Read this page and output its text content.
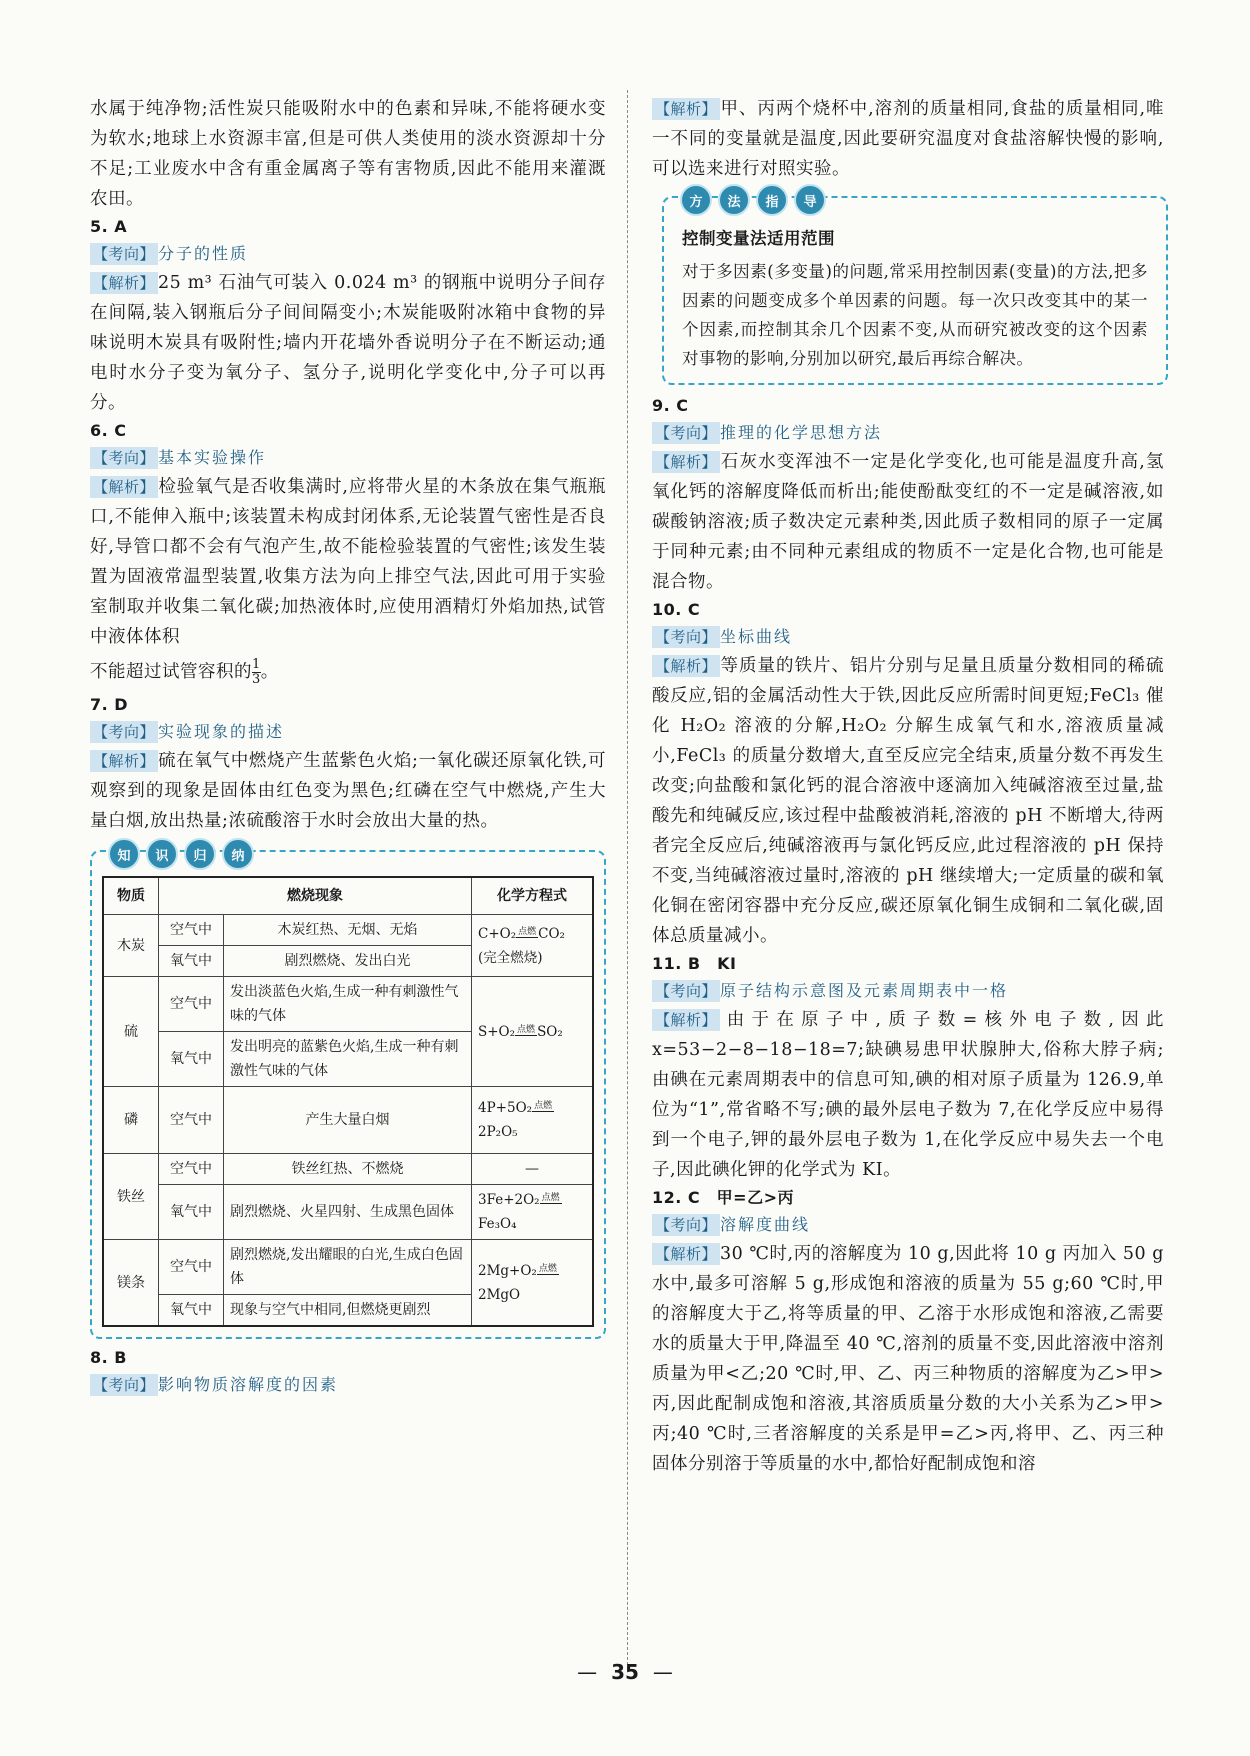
水属于纯净物;活性炭只能吸附水中的色素和异味,不能将硬水变为软水;地球上水资源丰富,但是可供人类使用的淡水资源却十分不足;工业废水中含有重金属离子等有害物质,因此不能用来灌溉农田。

5. A

【考向】 分子的性质

【解析】 25 m³ 石油气可装入 0.024 m³ 的钢瓶中说明分子间存在间隔,装入钢瓶后分子间间隔变小;木炭能吸附冰箱中食物的异味说明木炭具有吸附性;墙内开花墙外香说明分子在不断运动;通电时水分子变为氧分子、氢分子,说明化学变化中,分子可以再分。

6. C

【考向】 基本实验操作

【解析】 检验氧气是否收集满时,应将带火星的木条放在集气瓶瓶口,不能伸入瓶中;该装置未构成封闭体系,无论装置气密性是否良好,导管口都不会有气泡产生,故不能检验装置的气密性;该发生装置为固液常温型装置,收集方法为向上排空气法,因此可用于实验室制取并收集二氧化碳;加热液体时,应使用酒精灯外焰加热,试管中液体体积

不能超过试管容积的 $\frac{1}{3}$ 。

7. D

【考向】 实验现象的描述

【解析】 硫在氧气中燃烧产生蓝紫色火焰;一氧化碳还原氧化铁,可观察到的现象是固体由红色变为黑色;红磷在空气中燃烧,产生大量白烟,放出热量;浓硫酸溶于水时会放出大量的热。

知	识	归	纳
物质	燃烧现象		化学方程式
木炭	空气中	木炭红热、无烟、无焰	C+O₂ 点燃 CO₂
(完全燃烧)
	氧气中	剧烈燃烧、发出白光	
硫	空气中	发出淡蓝色火焰,生成一种有刺激性气味的气体	S+O₂ 点燃 SO₂
	氧气中	发出明亮的蓝紫色火焰,生成一种有刺激性气味的气体	
磷	空气中	产生大量白烟	4P+5O₂ 点燃
2P₂O₅
铁丝	空气中	铁丝红热、不燃烧	—
	氧气中	剧烈燃烧、火星四射、生成黑色固体	3Fe+2O₂ 点燃
Fe₃O₄
镁条	空气中	剧烈燃烧,发出耀眼的白光,生成白色固体	2Mg+O₂ 点燃
2MgO
	氧气中	现象与空气中相同,但燃烧更剧烈	

8. B

【考向】 影响物质溶解度的因素

【解析】 甲、丙两个烧杯中,溶剂的质量相同,食盐的质量相同,唯一不同的变量就是温度,因此要研究温度对食盐溶解快慢的影响,可以选来进行对照实验。

方	法	指	导

控制变量法适用范围

对于多因素(多变量)的问题,常采用控制因素(变量)的方法,把多因素的问题变成多个单因素的问题。每一次只改变其中的某一个因素,而控制其余几个因素不变,从而研究被改变的这个因素对事物的影响,分别加以研究,最后再综合解决。

9. C

【考向】 推理的化学思想方法

【解析】 石灰水变浑浊不一定是化学变化,也可能是温度升高,氢氧化钙的溶解度降低而析出;能使酚酞变红的不一定是碱溶液,如碳酸钠溶液;质子数决定元素种类,因此质子数相同的原子一定属于同种元素;由不同种元素组成的物质不一定是化合物,也可能是混合物。

10. C

【考向】 坐标曲线

【解析】 等质量的铁片、铝片分别与足量且质量分数相同的稀硫酸反应,铝的金属活动性大于铁,因此反应所需时间更短;FeCl₃ 催化 H₂O₂ 溶液的分解,H₂O₂ 分解生成氧气和水,溶液质量减小,FeCl₃ 的质量分数增大,直至反应完全结束,质量分数不再发生改变;向盐酸和氯化钙的混合溶液中逐滴加入纯碱溶液至过量,盐酸先和纯碱反应,该过程中盐酸被消耗,溶液的 pH 不断增大,待两者完全反应后,纯碱溶液再与氯化钙反应,此过程溶液的 pH 保持不变,当纯碱溶液过量时,溶液的 pH 继续增大;一定质量的碳和氧化铜在密闭容器中充分反应,碳还原氧化铜生成铜和二氧化碳,固体总质量减小。

11. B　KI

【考向】 原子结构示意图及元素周期表中一格

【解析】 由于在原子中,质子数=核外电子数,因此 x=53−2−8−18−18=7;缺碘易患甲状腺肿大,俗称大脖子病;由碘在元素周期表中的信息可知,碘的相对原子质量为 126.9,单位为“1”,常省略不写;碘的最外层电子数为 7,在化学反应中易得到一个电子,钾的最外层电子数为 1,在化学反应中易失去一个电子,因此碘化钾的化学式为 KI。

12. C　甲=乙>丙

【考向】 溶解度曲线

【解析】 30 ℃时,丙的溶解度为 10 g,因此将 10 g 丙加入 50 g 水中,最多可溶解 5 g,形成饱和溶液的质量为 55 g;60 ℃时,甲的溶解度大于乙,将等质量的甲、乙溶于水形成饱和溶液,乙需要水的质量大于甲,降温至 40 ℃,溶剂的质量不变,因此溶液中溶剂质量为甲<乙;20 ℃时,甲、乙、丙三种物质的溶解度为乙>甲>丙,因此配制成饱和溶液,其溶质质量分数的大小关系为乙>甲>丙;40 ℃时,三者溶解度的关系是甲=乙>丙,将甲、乙、丙三种固体分别溶于等质量的水中,都恰好配制成饱和溶

— 35 —
